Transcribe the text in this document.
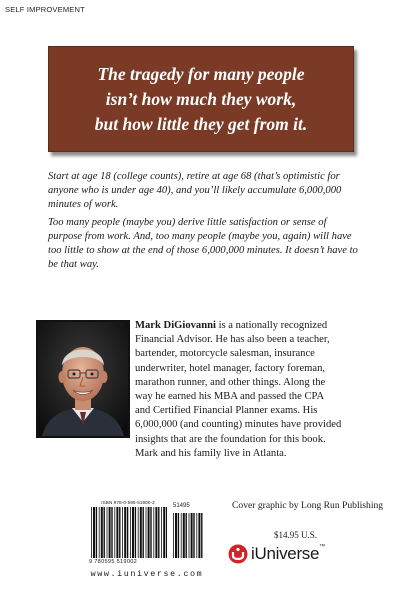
SELF IMPROVEMENT
The tragedy for many people
isn’t how much they work,
but how little they get from it.

Start at age 18 (college counts), retire at age 68 (that’s optimistic for
anyone who is under age 40), and you’ll likely accumulate 6,000,000
minutes of work.

Too many people (maybe you) derive little satisfaction or sense of
purpose from work. And, too many people (maybe you, again) will have
too little to show at the end of those 6,000,000 minutes. It doesn’t have to
be that way.

Mark DiGiovanni is a nationally recognized
Financial Advisor. He has also been a teacher,
bartender, motorcycle salesman, insurance
underwriter, hotel manager, factory foreman,
marathon runner, and other things. Along the
way he earned his MBA and passed the CPA
and Certified Financial Planner exams. His
6,000,000 (and counting) minutes have provided
insights that are the foundation for this book.
Mark and his family live in Atlanta.

ISBN 978-0-595-51900-2
51495
9 780595 519002
www.iuniverse.com
Cover graphic by Long Run Publishing
$14.95 U.S.
iUniverse ™
